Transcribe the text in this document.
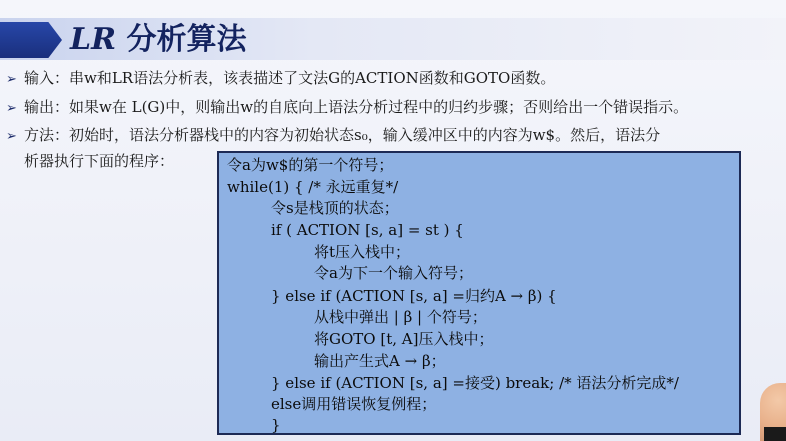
LR 分析算法
➢ 输入：串w和LR语法分析表，该表描述了文法G的ACTION函数和GOTO函数。
➢ 输出：如果w在 L(G)中，则输出w的自底向上语法分析过程中的归约步骤；否则给出一个错误指示。
➢ 方法：初始时，语法分析器栈中的内容为初始状态s₀，输入缓冲区中的内容为w$。然后，语法分
析器执行下面的程序：	令a为w$的第一个符号；
while(1) { /* 永远重复*/
令s是栈顶的状态；
if ( ACTION [s, a] = st ) {
将t压入栈中；
令a为下一个输入符号；
} else if (ACTION [s, a] =归约A → β) {
从栈中弹出 | β | 个符号；
将GOTO [t, A]压入栈中；
输出产生式A → β；
} else if (ACTION [s, a] =接受) break; /* 语法分析完成*/
else调用错误恢复例程；
}
